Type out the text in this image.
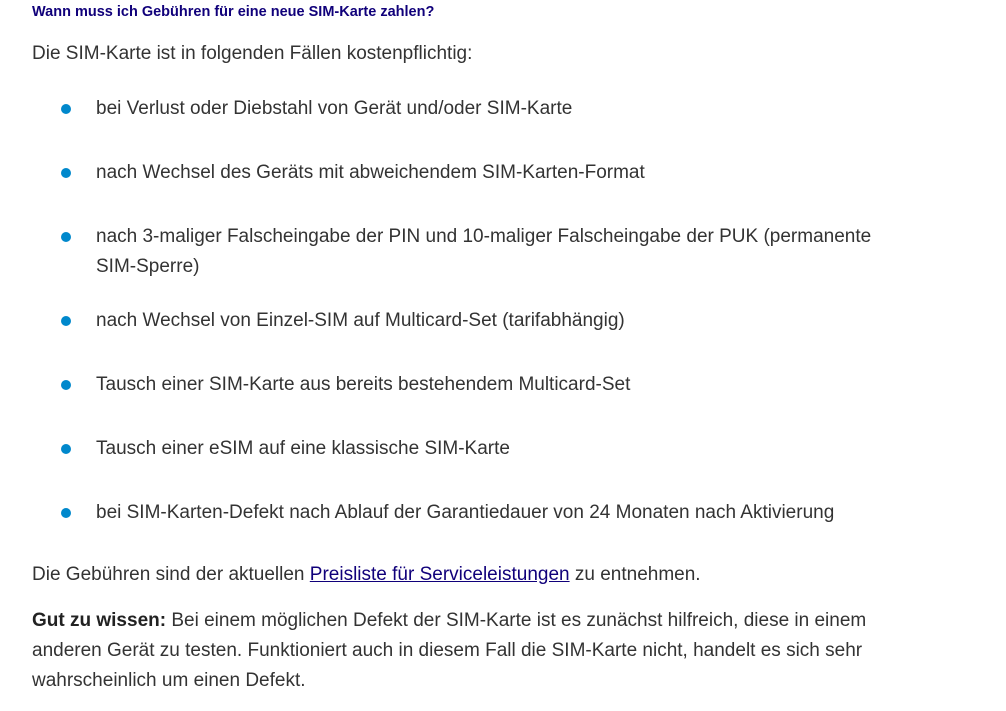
Wann muss ich Gebühren für eine neue SIM-Karte zahlen?

Die SIM-Karte ist in folgenden Fällen kostenpflichtig:

bei Verlust oder Diebstahl von Gerät und/oder SIM-Karte
nach Wechsel des Geräts mit abweichendem SIM-Karten-Format
nach 3-maliger Falscheingabe der PIN und 10-maliger Falscheingabe der PUK (permanente SIM-Sperre)
nach Wechsel von Einzel-SIM auf Multicard-Set (tarifabhängig)
Tausch einer SIM-Karte aus bereits bestehendem Multicard-Set
Tausch einer eSIM auf eine klassische SIM-Karte
bei SIM-Karten-Defekt nach Ablauf der Garantiedauer von 24 Monaten nach Aktivierung

Die Gebühren sind der aktuellen Preisliste für Serviceleistungen zu entnehmen.

Gut zu wissen: Bei einem möglichen Defekt der SIM-Karte ist es zunächst hilfreich, diese in einem anderen Gerät zu testen. Funktioniert auch in diesem Fall die SIM-Karte nicht, handelt es sich sehr wahrscheinlich um einen Defekt.
